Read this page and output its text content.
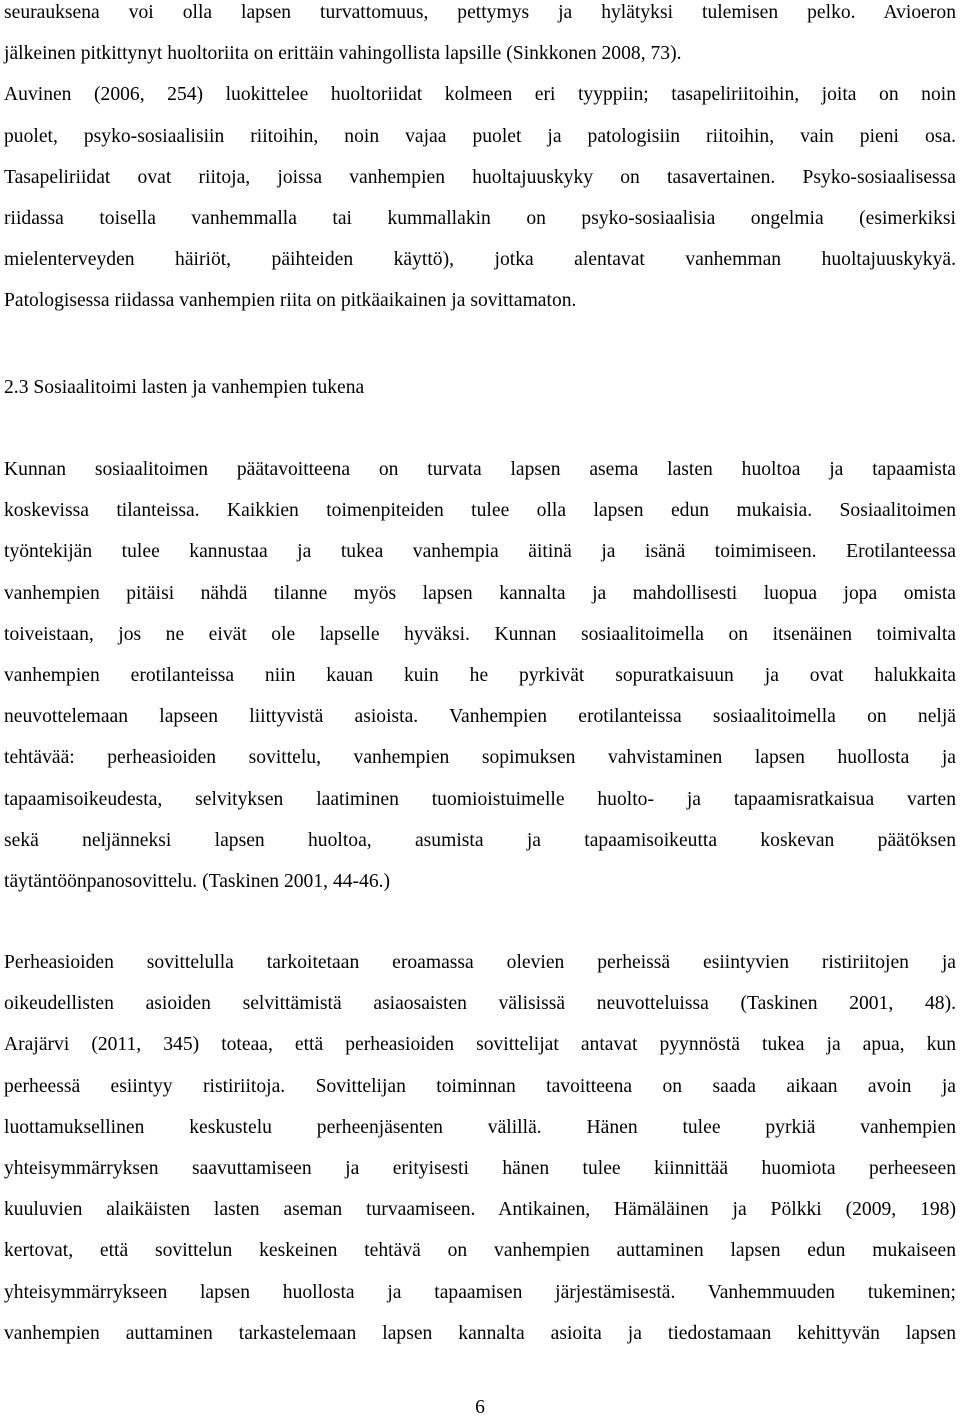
seurauksena voi olla lapsen turvattomuus, pettymys ja hylätyksi tulemisen pelko. Avioeron
jälkeinen pitkittynyt huoltoriita on erittäin vahingollista lapsille (Sinkkonen 2008, 73).
Auvinen (2006, 254) luokittelee huoltoriidat kolmeen eri tyyppiin; tasapeliriitoihin, joita on noin
puolet, psyko-sosiaalisiin riitoihin, noin vajaa puolet ja patologisiin riitoihin, vain pieni osa.
Tasapeliriidat ovat riitoja, joissa vanhempien huoltajuuskyky on tasavertainen. Psyko-sosiaalisessa
riidassa toisella vanhemmalla tai kummallakin on psyko-sosiaalisia ongelmia (esimerkiksi
mielenterveyden häiriöt, päihteiden käyttö), jotka alentavat vanhemman huoltajuuskykyä.
Patologisessa riidassa vanhempien riita on pitkäaikainen ja sovittamaton.
2.3 Sosiaalitoimi lasten ja vanhempien tukena
Kunnan sosiaalitoimen päätavoitteena on turvata lapsen asema lasten huoltoa ja tapaamista
koskevissa tilanteissa. Kaikkien toimenpiteiden tulee olla lapsen edun mukaisia. Sosiaalitoimen
työntekijän tulee kannustaa ja tukea vanhempia äitinä ja isänä toimimiseen. Erotilanteessa
vanhempien pitäisi nähdä tilanne myös lapsen kannalta ja mahdollisesti luopua jopa omista
toiveistaan, jos ne eivät ole lapselle hyväksi. Kunnan sosiaalitoimella on itsenäinen toimivalta
vanhempien erotilanteissa niin kauan kuin he pyrkivät sopuratkaisuun ja ovat halukkaita
neuvottelemaan lapseen liittyvistä asioista. Vanhempien erotilanteissa sosiaalitoimella on neljä
tehtävää: perheasioiden sovittelu, vanhempien sopimuksen vahvistaminen lapsen huollosta ja
tapaamisoikeudesta, selvityksen laatiminen tuomioistuimelle huolto- ja tapaamisratkaisua varten
sekä neljänneksi lapsen huoltoa, asumista ja tapaamisoikeutta koskevan päätöksen
täytäntöönpanosovittelu. (Taskinen 2001, 44-46.)
Perheasioiden sovittelulla tarkoitetaan eroamassa olevien perheissä esiintyvien ristiriitojen ja
oikeudellisten asioiden selvittämistä asiaosaisten välisissä neuvotteluissa (Taskinen 2001, 48).
Arajärvi (2011, 345) toteaa, että perheasioiden sovittelijat antavat pyynnöstä tukea ja apua, kun
perheessä esiintyy ristiriitoja. Sovittelijan toiminnan tavoitteena on saada aikaan avoin ja
luottamuksellinen keskustelu perheenjäsenten välillä. Hänen tulee pyrkiä vanhempien
yhteisymmärryksen saavuttamiseen ja erityisesti hänen tulee kiinnittää huomiota perheeseen
kuuluvien alaikäisten lasten aseman turvaamiseen. Antikainen, Hämäläinen ja Pölkki (2009, 198)
kertovat, että sovittelun keskeinen tehtävä on vanhempien auttaminen lapsen edun mukaiseen
yhteisymmärrykseen lapsen huollosta ja tapaamisen järjestämisestä. Vanhemmuuden tukeminen;
vanhempien auttaminen tarkastelemaan lapsen kannalta asioita ja tiedostamaan kehittyvän lapsen
6
